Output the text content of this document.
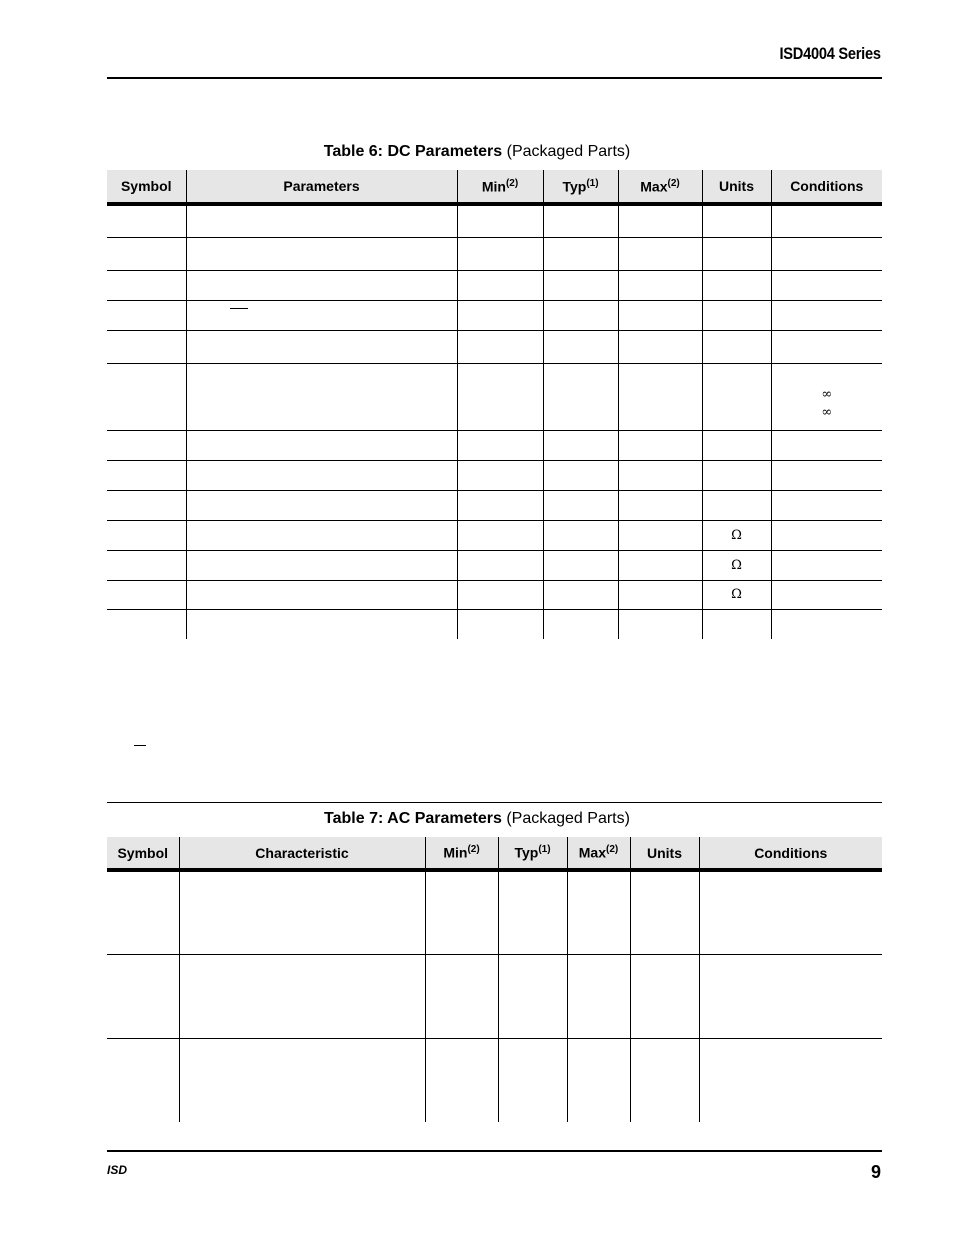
ISD4004 Series
Table 6: DC Parameters (Packaged Parts)
Symbol	Parameters	Min$^{(2)}$	Typ$^{(1)}$	Max$^{(2)}$	Units	Conditions

						∞
∞

					Ω	
					Ω	
					Ω	

Table 7: AC Parameters (Packaged Parts)
Symbol	Characteristic	Min$^{(2)}$	Typ$^{(1)}$	Max$^{(2)}$	Units	Conditions

ISD	9
